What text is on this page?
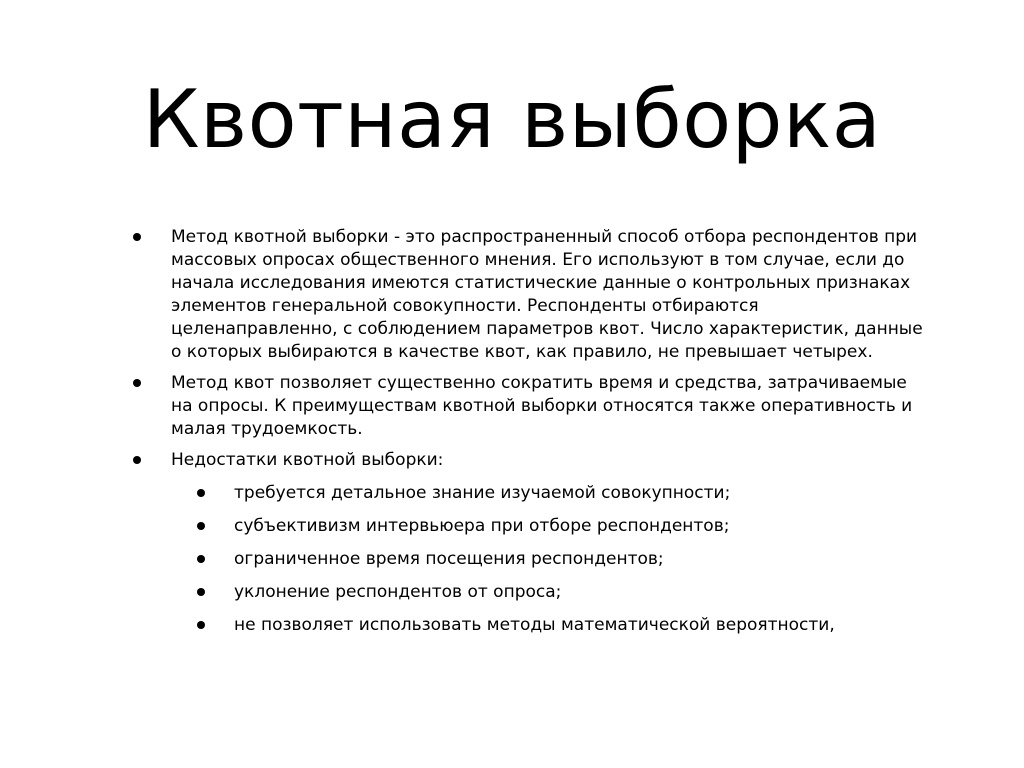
Квотная выборка
Метод квотной выборки - это распространенный способ отбора респондентов при массовых опросах общественного мнения. Его используют в том случае, если до начала исследования имеются статистические данные о контрольных признаках элементов генеральной совокупности. Респонденты отбираются целенаправленно, с соблюдением параметров квот. Число характеристик, данные о которых выбираются в качестве квот, как правило, не превышает четырех.
Метод квот позволяет существенно сократить время и средства, затрачиваемые на опросы. К преимуществам квотной выборки относятся также оперативность и малая трудоемкость.
Недостатки квотной выборки:
требуется детальное знание изучаемой совокупности;
субъективизм интервьюера при отборе респондентов;
ограниченное время посещения респондентов;
уклонение респондентов от опроса;
не позволяет использовать методы математической вероятности,
